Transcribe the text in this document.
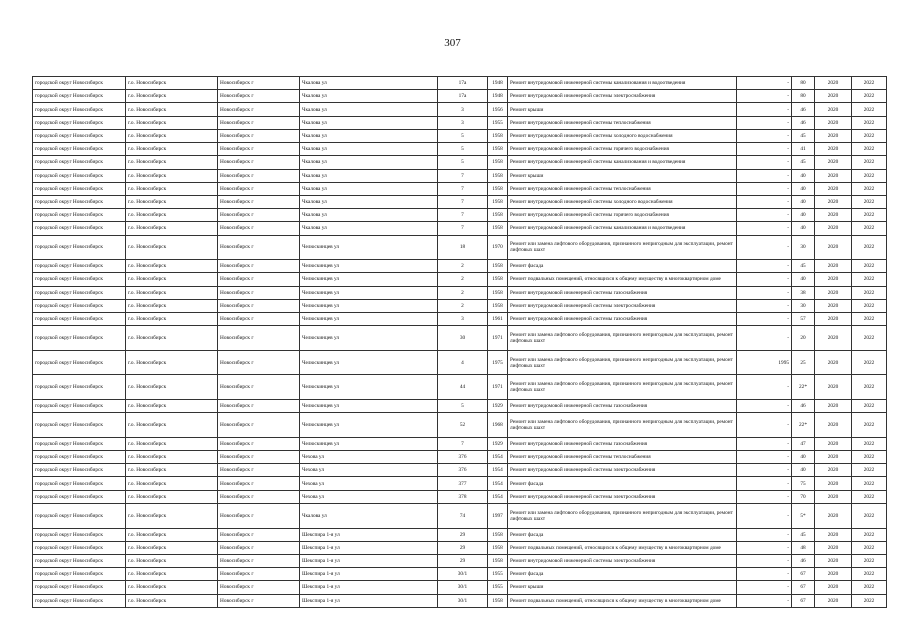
307
городской округ Новосибирск	г.о. Новосибирск	Новосибирск г	Чкалова ул	17а	1948	Ремонт внутридомовой инженерной системы канализования и водоотведения	-	80	2020	2022
городской округ Новосибирск	г.о. Новосибирск	Новосибирск г	Чкалова ул	17а	1948	Ремонт внутридомовой инженерной системы электроснабжения	-	80	2020	2022
городской округ Новосибирск	г.о. Новосибирск	Новосибирск г	Чкалова ул	3	1956	Ремонт крыши	-	46	2020	2022
городской округ Новосибирск	г.о. Новосибирск	Новосибирск г	Чкалова ул	3	1955	Ремонт внутридомовой инженерной системы теплоснабжения	-	46	2020	2022
городской округ Новосибирск	г.о. Новосибирск	Новосибирск г	Чкалова ул	5	1958	Ремонт внутридомовой инженерной системы холодного водоснабжения	-	45	2020	2022
городской округ Новосибирск	г.о. Новосибирск	Новосибирск г	Чкалова ул	5	1958	Ремонт внутридомовой инженерной системы горячего водоснабжения	-	41	2020	2022
городской округ Новосибирск	г.о. Новосибирск	Новосибирск г	Чкалова ул	5	1958	Ремонт внутридомовой инженерной системы канализования и водоотведения	-	45	2020	2022
городской округ Новосибирск	г.о. Новосибирск	Новосибирск г	Чкалова ул	7	1958	Ремонт крыши	-	40	2020	2022
городской округ Новосибирск	г.о. Новосибирск	Новосибирск г	Чкалова ул	7	1958	Ремонт внутридомовой инженерной системы теплоснабжения	-	40	2020	2022
городской округ Новосибирск	г.о. Новосибирск	Новосибирск г	Чкалова ул	7	1958	Ремонт внутридомовой инженерной системы холодного водоснабжения	-	40	2020	2022
городской округ Новосибирск	г.о. Новосибирск	Новосибирск г	Чкалова ул	7	1958	Ремонт внутридомовой инженерной системы горячего водоснабжения	-	40	2020	2022
городской округ Новосибирск	г.о. Новосибирск	Новосибирск г	Чкалова ул	7	1958	Ремонт внутридомовой инженерной системы канализования и водоотведения	-	40	2020	2022
городской округ Новосибирск	г.о. Новосибирск	Новосибирск г	Челюскинцев ул	18	1970	Ремонт или замена лифтового оборудования, признанного непригодным для эксплуатации, ремонт лифтовых шахт	-	30	2020	2022
городской округ Новосибирск	г.о. Новосибирск	Новосибирск г	Челюскинцев ул	2	1958	Ремонт фасада	-	45	2020	2022
городской округ Новосибирск	г.о. Новосибирск	Новосибирск г	Челюскинцев ул	2	1958	Ремонт подвальных помещений, относящихся к общему имуществу в многоквартирном доме	-	40	2020	2022
городской округ Новосибирск	г.о. Новосибирск	Новосибирск г	Челюскинцев ул	2	1958	Ремонт внутридомовой инженерной системы газоснабжения	-	38	2020	2022
городской округ Новосибирск	г.о. Новосибирск	Новосибирск г	Челюскинцев ул	2	1958	Ремонт внутридомовой инженерной системы электроснабжения	-	30	2020	2022
городской округ Новосибирск	г.о. Новосибирск	Новосибирск г	Челюскинцев ул	3	1961	Ремонт внутридомовой инженерной системы газоснабжения	-	57	2020	2022
городской округ Новосибирск	г.о. Новосибирск	Новосибирск г	Челюскинцев ул	30	1971	Ремонт или замена лифтового оборудования, признанного непригодным для эксплуатации, ремонт лифтовых шахт	-	20	2020	2022
городской округ Новосибирск	г.о. Новосибирск	Новосибирск г	Челюскинцев ул	4	1975	Ремонт или замена лифтового оборудования, признанного непригодным для эксплуатации, ремонт лифтовых шахт	1995	25	2020	2022
городской округ Новосибирск	г.о. Новосибирск	Новосибирск г	Челюскинцев ул	44	1971	Ремонт или замена лифтового оборудования, признанного непригодным для эксплуатации, ремонт лифтовых шахт	-	22*	2020	2022
городской округ Новосибирск	г.о. Новосибирск	Новосибирск г	Челюскинцев ул	5	1929	Ремонт внутридомовой инженерной системы газоснабжения	-	46	2020	2022
городской округ Новосибирск	г.о. Новосибирск	Новосибирск г	Челюскинцев ул	52	1968	Ремонт или замена лифтового оборудования, признанного непригодным для эксплуатации, ремонт лифтовых шахт	-	22*	2020	2022
городской округ Новосибирск	г.о. Новосибирск	Новосибирск г	Челюскинцев ул	7	1929	Ремонт внутридомовой инженерной системы газоснабжения	-	47	2020	2022
городской округ Новосибирск	г.о. Новосибирск	Новосибирск г	Чехова ул	376	1954	Ремонт внутридомовой инженерной системы теплоснабжения	-	40	2020	2022
городской округ Новосибирск	г.о. Новосибирск	Новосибирск г	Чехова ул	376	1954	Ремонт внутридомовой инженерной системы электроснабжения	-	40	2020	2022
городской округ Новосибирск	г.о. Новосибирск	Новосибирск г	Чехова ул	377	1954	Ремонт фасада	-	75	2020	2022
городской округ Новосибирск	г.о. Новосибирск	Новосибирск г	Чехова ул	378	1954	Ремонт внутридомовой инженерной системы электроснабжения	-	70	2020	2022
городской округ Новосибирск	г.о. Новосибирск	Новосибирск г	Чкалова ул	74	1997	Ремонт или замена лифтового оборудования, признанного непригодным для эксплуатации, ремонт лифтовых шахт	-	5*	2020	2022
городской округ Новосибирск	г.о. Новосибирск	Новосибирск г	Шекспира 1-я ул	29	1958	Ремонт фасада	-	45	2020	2022
городской округ Новосибирск	г.о. Новосибирск	Новосибирск г	Шекспира 1-я ул	29	1958	Ремонт подвальных помещений, относящихся к общему имуществу в многоквартирном доме	-	48	2020	2022
городской округ Новосибирск	г.о. Новосибирск	Новосибирск г	Шекспира 1-я ул	29	1958	Ремонт внутридомовой инженерной системы электроснабжения	-	46	2020	2022
городской округ Новосибирск	г.о. Новосибирск	Новосибирск г	Шекспира 1-я ул	30/1	1955	Ремонт фасада	-	67	2020	2022
городской округ Новосибирск	г.о. Новосибирск	Новосибирск г	Шекспира 1-я ул	30/1	1955	Ремонт крыши	-	67	2020	2022
городской округ Новосибирск	г.о. Новосибирск	Новосибирск г	Шекспира 1-я ул	30/1	1958	Ремонт подвальных помещений, относящихся к общему имуществу в многоквартирном доме	-	67	2020	2022
